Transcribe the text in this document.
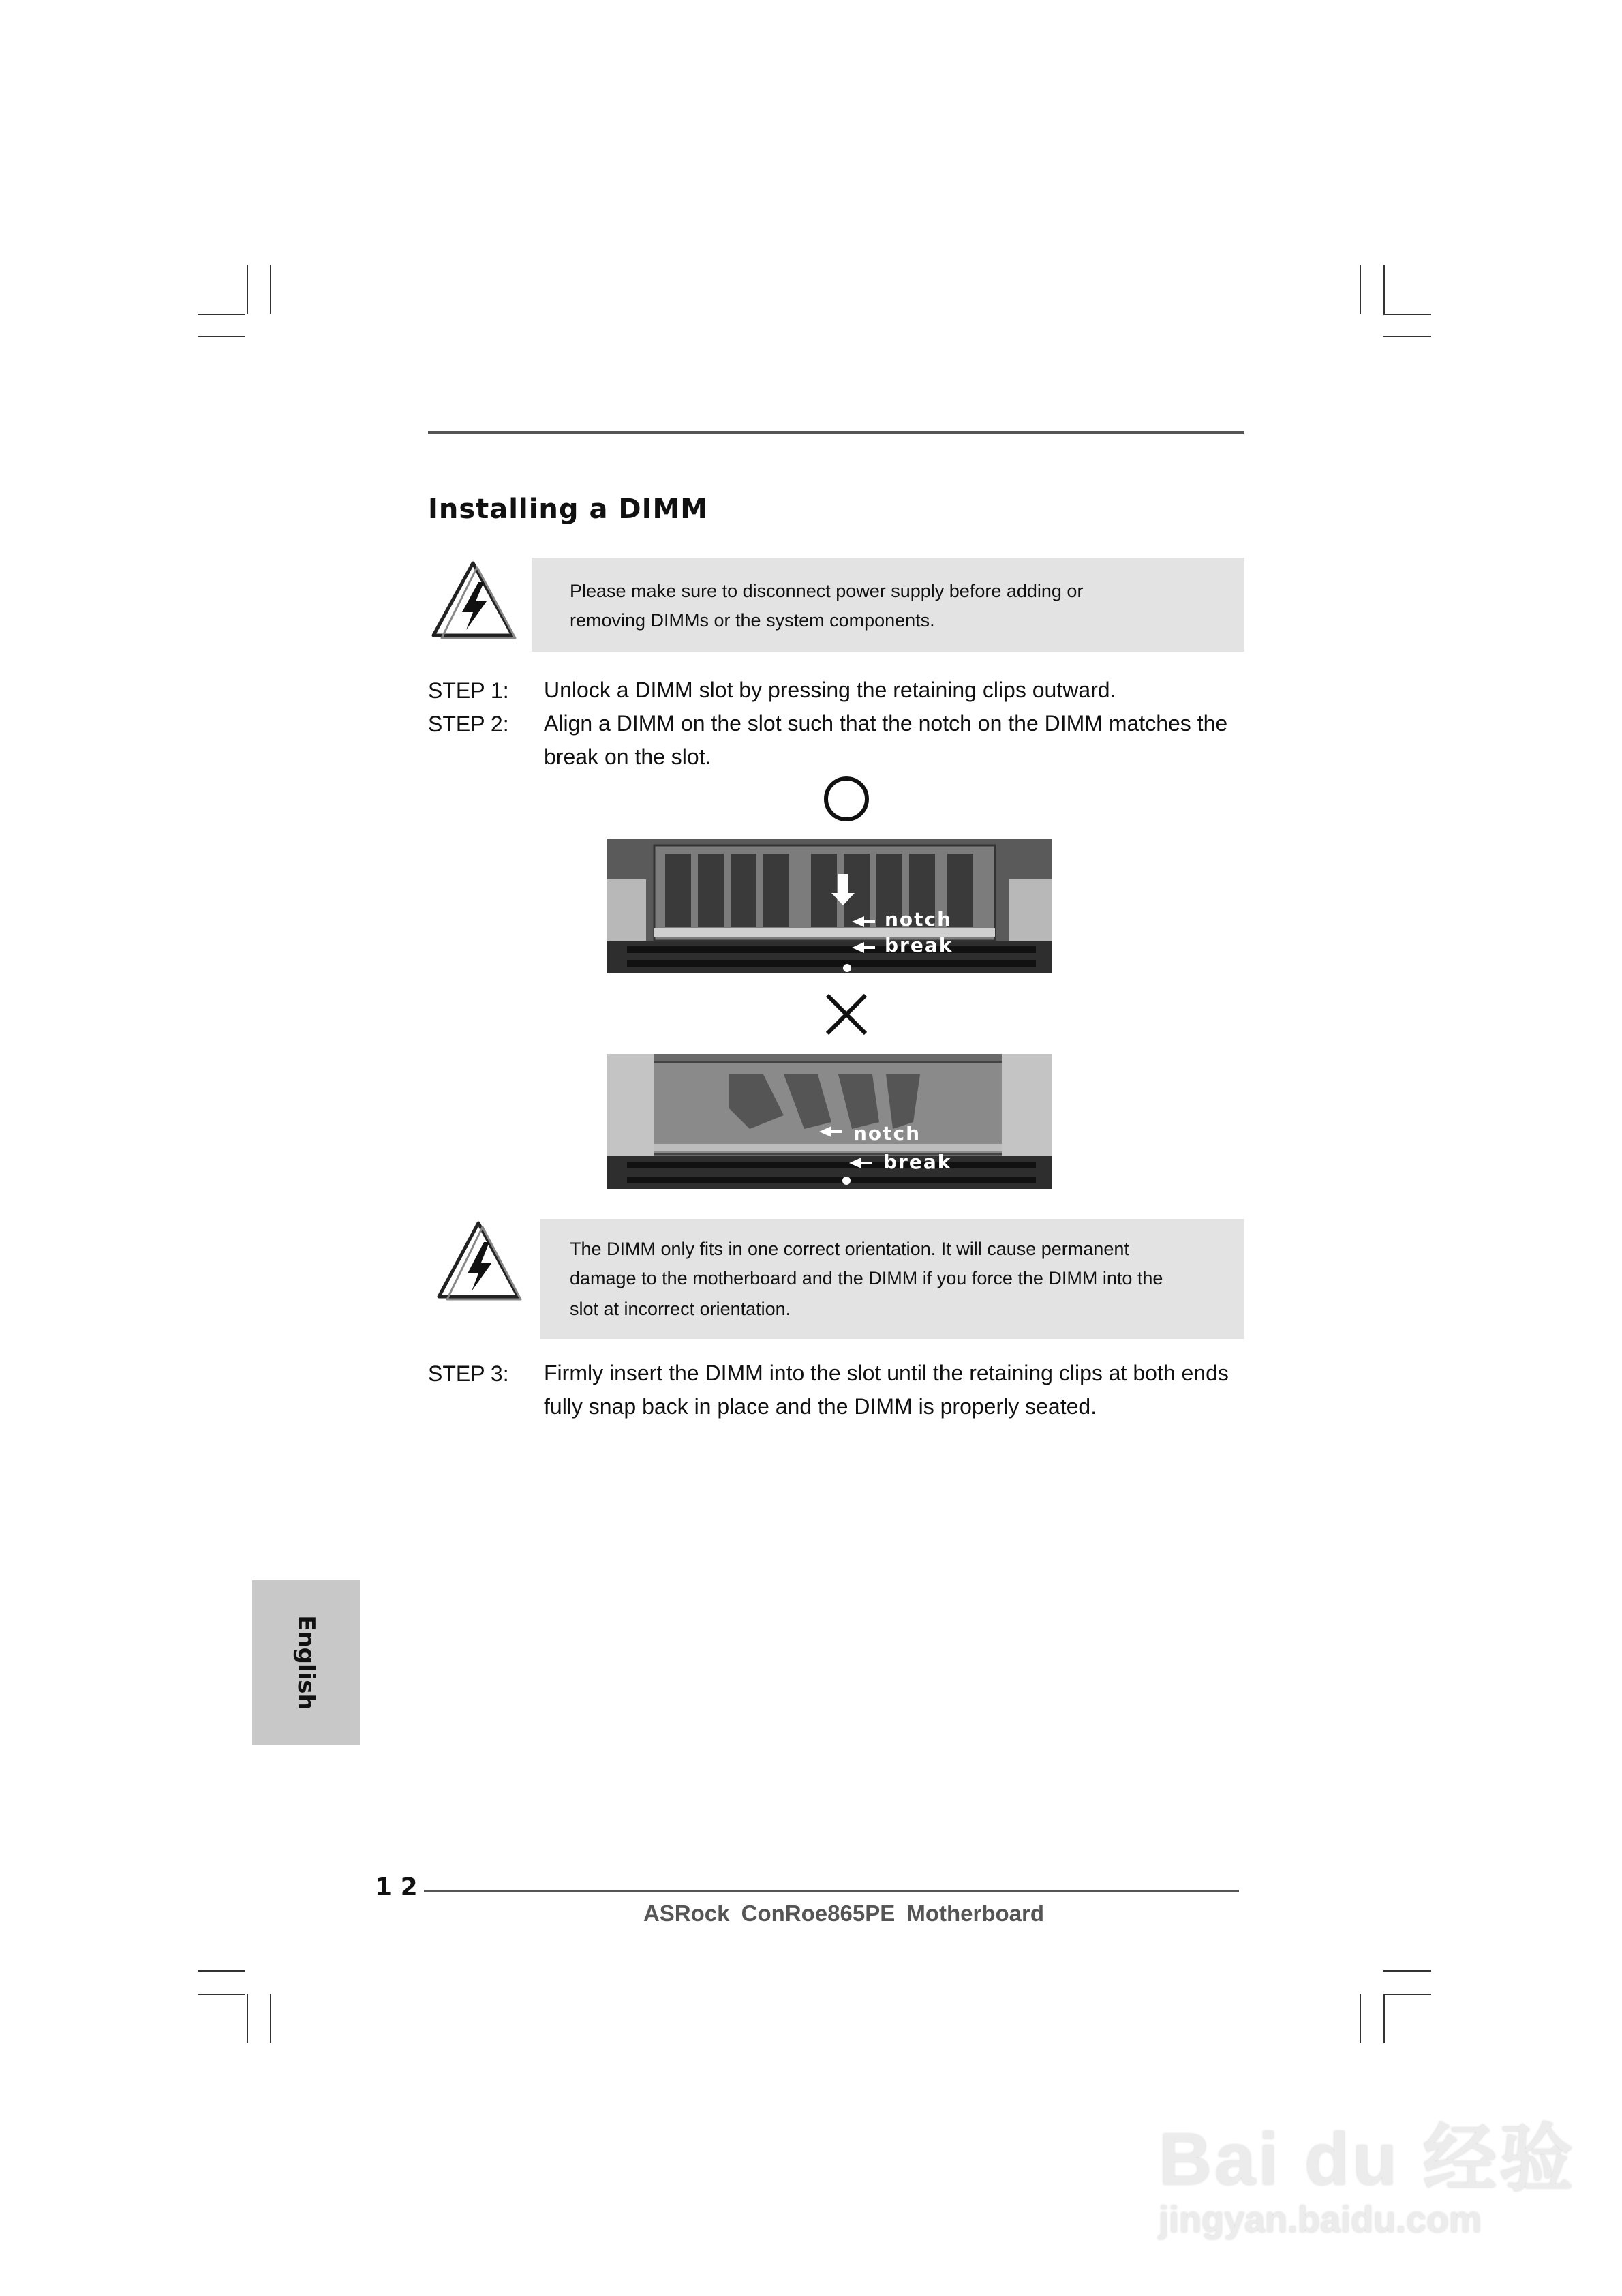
Installing a DIMM
Please make sure to disconnect power supply before adding or
removing DIMMs or the system components.
STEP 1: Unlock a DIMM slot by pressing the retaining clips outward.
STEP 2: Align a DIMM on the slot such that the notch on the DIMM matches the
break on the slot.
notch
break
notch
break
The DIMM only fits in one correct orientation. It will cause permanent
damage to the motherboard and the DIMM if you force the DIMM into the
slot at incorrect orientation.
STEP 3: Firmly insert the DIMM into the slot until the retaining clips at both ends
fully snap back in place and the DIMM is properly seated.
English
1 2
ASRock ConRoe865PE Motherboard
Bai du 经验
jingyan.baidu.com
